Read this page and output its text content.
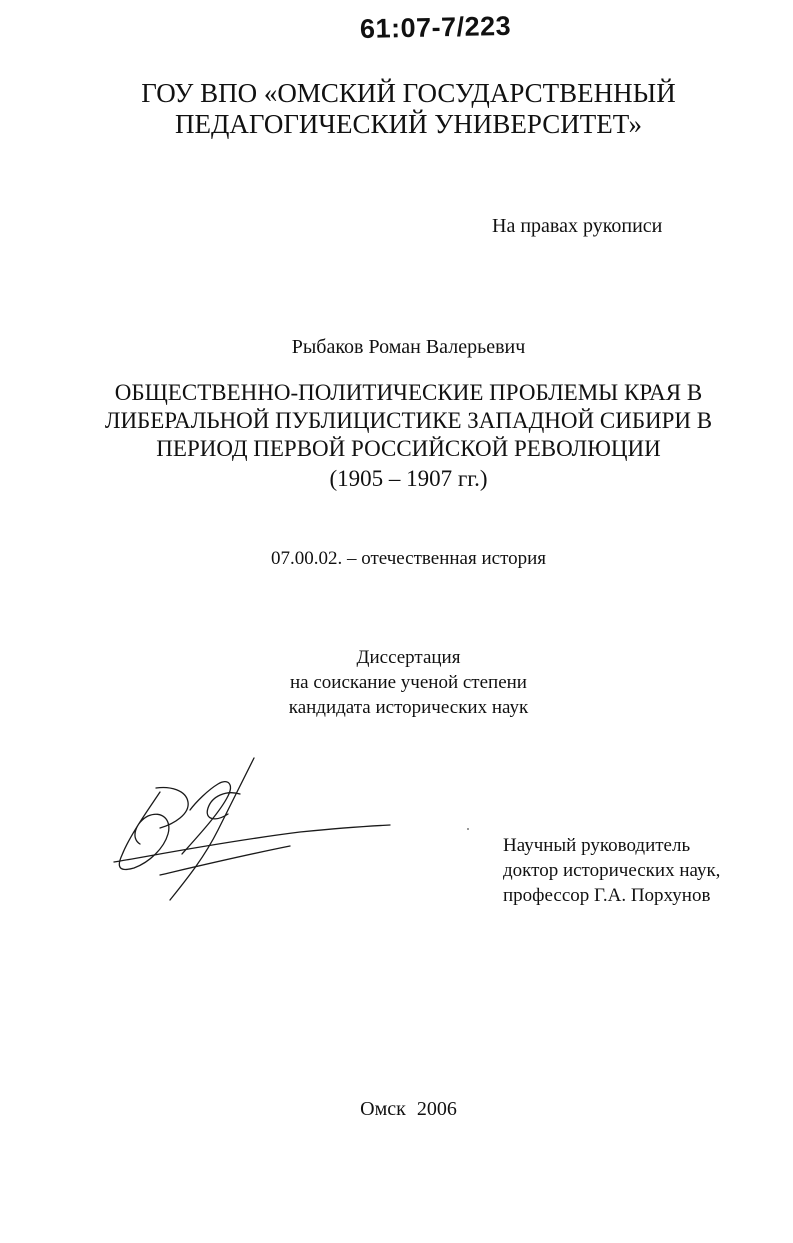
61:07-7/223
ГОУ ВПО «ОМСКИЙ ГОСУДАРСТВЕННЫЙ
ПЕДАГОГИЧЕСКИЙ УНИВЕРСИТЕТ»
На правах рукописи
Рыбаков Роман Валерьевич
ОБЩЕСТВЕННО-ПОЛИТИЧЕСКИЕ ПРОБЛЕМЫ КРАЯ В
ЛИБЕРАЛЬНОЙ ПУБЛИЦИСТИКЕ ЗАПАДНОЙ СИБИРИ В
ПЕРИОД ПЕРВОЙ РОССИЙСКОЙ РЕВОЛЮЦИИ
(1905 – 1907 гг.)
07.00.02. – отечественная история
Диссертация
на соискание ученой степени
кандидата исторических наук
Научный руководитель
доктор исторических наук,
профессор Г.А. Порхунов
Омск 2006
